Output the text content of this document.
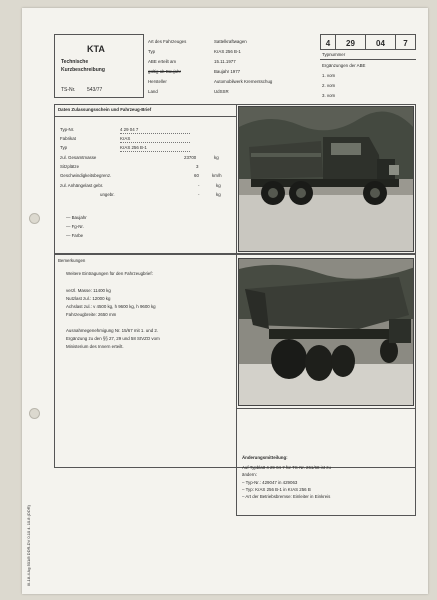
KTA
Technische
Kurzbeschreibung
TS-Nr. 543/77
Art des Fahrzeuges	Sattelkraftwagen
Typ	KrAS 256 B-1
ABE erteilt am	15.11.1977
gültig ab Baujahr	Baujahr 1977
Hersteller	Automobilwerk Krementschug
Land	UdSSR
4	29	04	7
Typnummer
Ergänzungen der ABE
1. vom
2. vom
3. vom
Daten Zulassungsschein und Fahrzeug-Brief
Typ-Nr.	4 29 04 7
Fabrikat	KrAS
Typ	KrAS 256 B-1
zul. Gesamtmasse	23700	kg
Sitzplätze	3
Geschwindigkeitsbegrenz.	60	km/h
zul. Anhängelast gebr.	-	kg
ungebr.	-	kg
— Baujahr
— Fg-Nr.
— Farbe
Bemerkungen
Weitere Eintragungen für den Fahrzeugbrief:
verzl. Masse: 11400 kg
Nutzlast zul.: 12000 kg
Achslast zul.: v 4500 kg, h 9600 kg, h 9600 kg
Fahrzeugbreite: 2650 mm
Ausnahmegenehmigung Nr. 15/67 mit 1. und 2.
Ergänzung zu den §§ 27, 29 und 58 StVZO vom
Ministerium des Innern erteilt.
Änderungsmitteilung:
Auf Typblatt 4 29 04 7 für TS-Nr. 261/68 ist zu
ändern:
– Typ-Nr.: 429047 in 429063
– Typ: KrAS 256 B-1 in KrAS 256 B
– Art der Betriebsbremse: Einleiter in Einkreis
III-18-4 Ag 501/8 DDR-DV 0.10 4. 10.8 (DDR)
